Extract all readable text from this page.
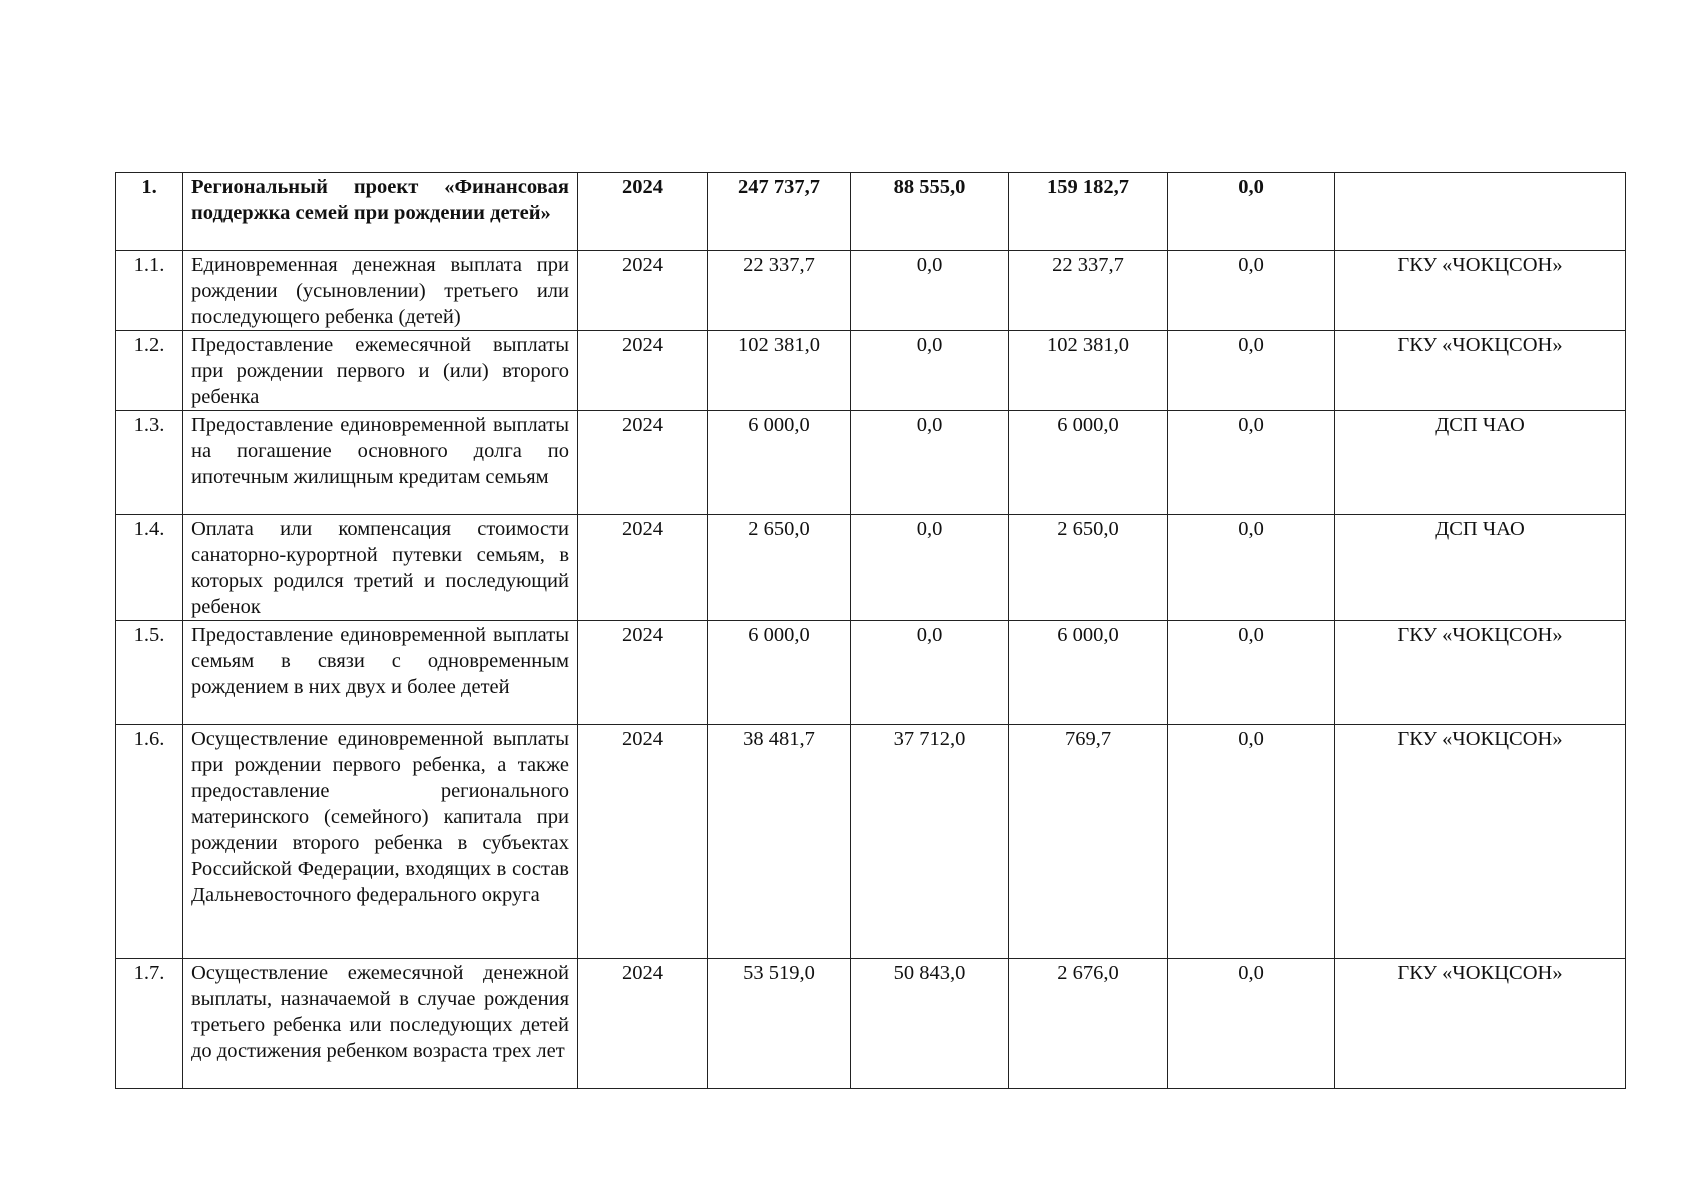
1.	Региональный проект «Финансовая поддержка семей при рождении детей»	2024	247 737,7	88 555,0	159 182,7	0,0	
1.1.	Единовременная денежная выплата при рождении (усыновлении) третьего или последующего ребенка (детей)	2024	22 337,7	0,0	22 337,7	0,0	ГКУ «ЧОКЦСОН»
1.2.	Предоставление ежемесячной выплаты при рождении первого и (или) второго ребенка	2024	102 381,0	0,0	102 381,0	0,0	ГКУ «ЧОКЦСОН»
1.3.	Предоставление единовременной выплаты на погашение основного долга по ипотечным жилищным кредитам семьям	2024	6 000,0	0,0	6 000,0	0,0	ДСП ЧАО
1.4.	Оплата или компенсация стоимости санаторно-курортной путевки семьям, в которых родился третий и последующий ребенок	2024	2 650,0	0,0	2 650,0	0,0	ДСП ЧАО
1.5.	Предоставление единовременной выплаты семьям в связи с одновременным рождением в них двух и более детей	2024	6 000,0	0,0	6 000,0	0,0	ГКУ «ЧОКЦСОН»
1.6.	Осуществление единовременной выплаты при рождении первого ребенка, а также предоставление регионального материнского (семейного) капитала при рождении второго ребенка в субъектах Российской Федерации, входящих в состав Дальневосточного федерального округа	2024	38 481,7	37 712,0	769,7	0,0	ГКУ «ЧОКЦСОН»
1.7.	Осуществление ежемесячной денежной выплаты, назначаемой в случае рождения третьего ребенка или последующих детей до достижения ребенком возраста трех лет	2024	53 519,0	50 843,0	2 676,0	0,0	ГКУ «ЧОКЦСОН»
